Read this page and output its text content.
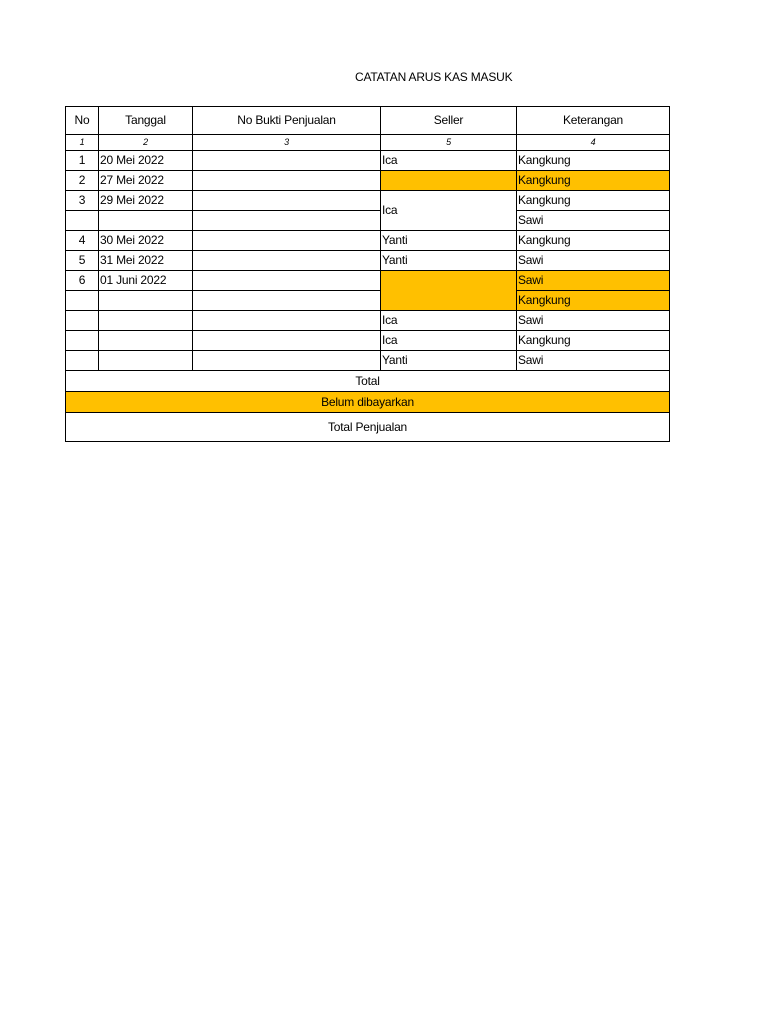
CATATAN ARUS KAS MASUK
No	Tanggal	No Bukti Penjualan	Seller	Keterangan
1	2	3	5	4
1	20 Mei 2022		Ica	Kangkung
2	27 Mei 2022			Kangkung
3	29 Mei 2022		Ica	Kangkung
				Sawi
4	30 Mei 2022		Yanti	Kangkung
5	31 Mei 2022		Yanti	Sawi
6	01 Juni 2022			Sawi
				Kangkung
			Ica	Sawi
			Ica	Kangkung
			Yanti	Sawi
Total				
Belum dibayarkan				
Total Penjualan				
